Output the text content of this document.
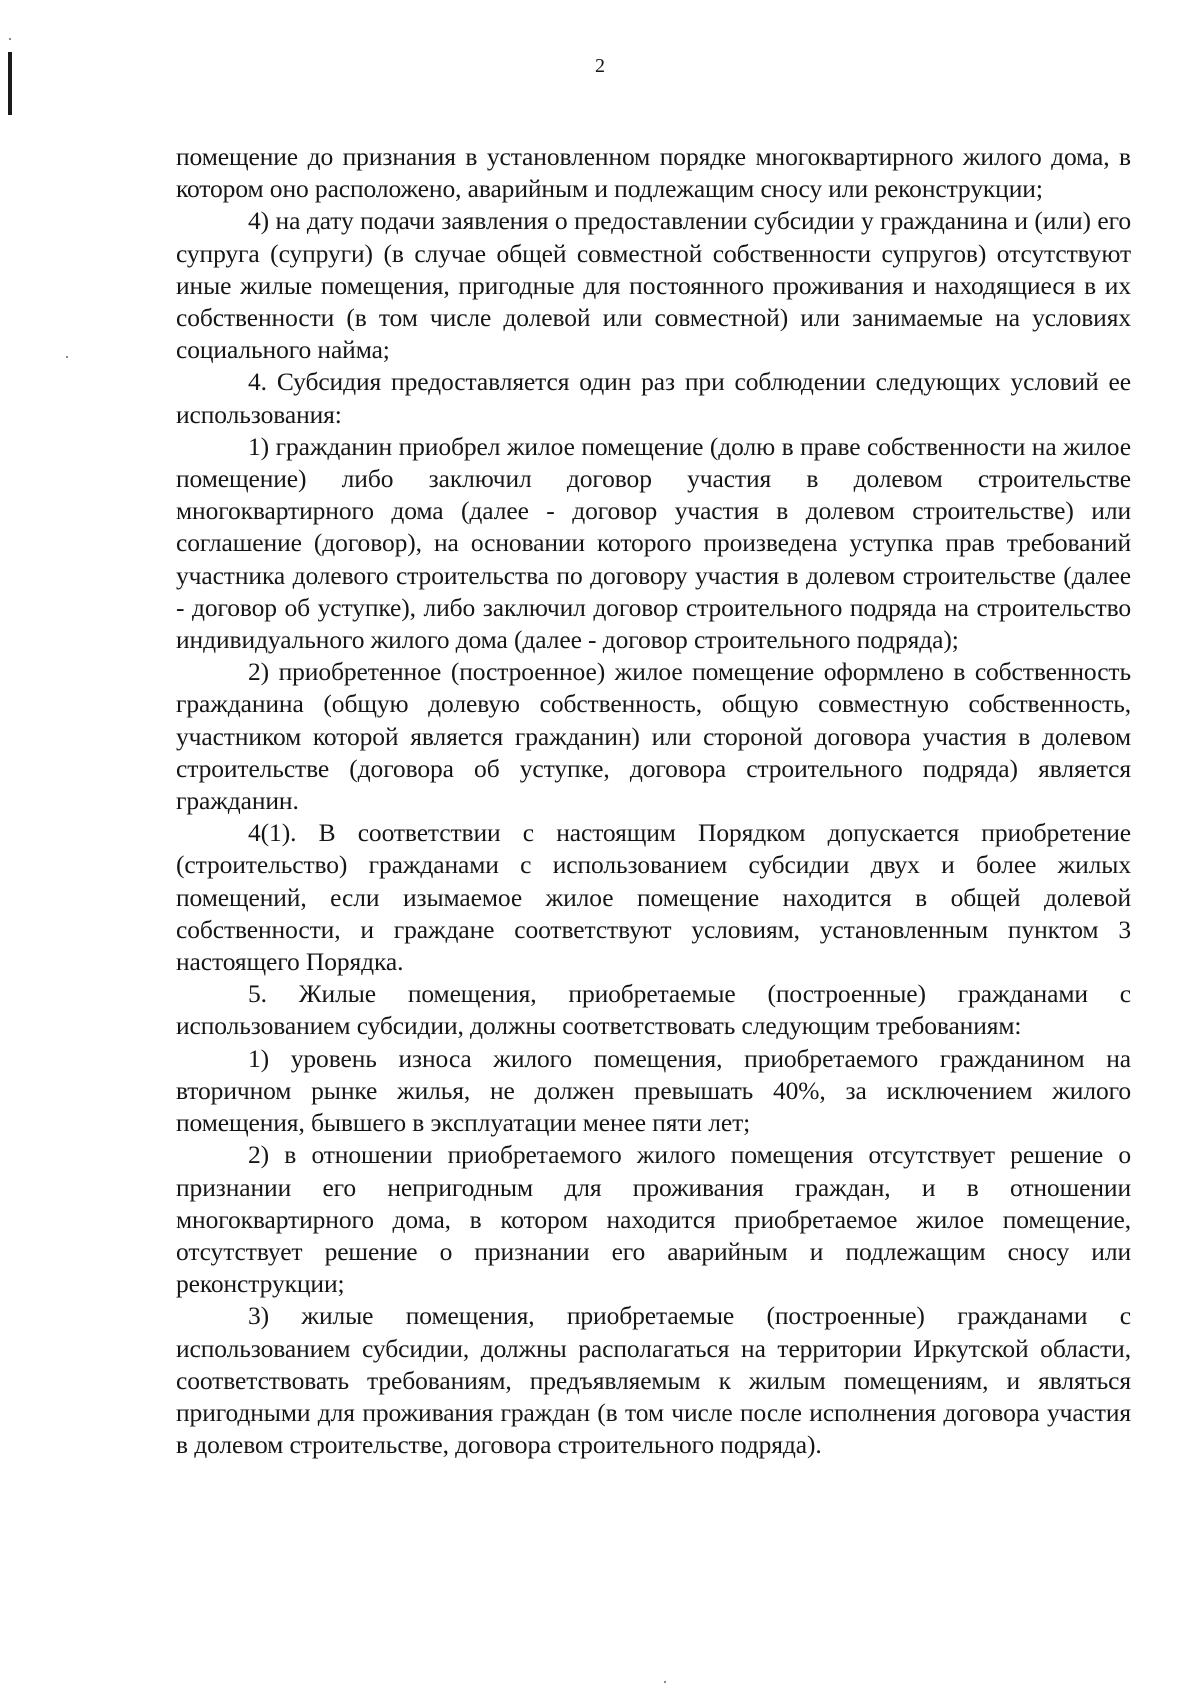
2

помещение до признания в установленном порядке многоквартирного жилого дома, в котором оно расположено, аварийным и подлежащим сносу или реконструкции;

4) на дату подачи заявления о предоставлении субсидии у гражданина и (или) его супруга (супруги) (в случае общей совместной собственности супругов) отсутствуют иные жилые помещения, пригодные для постоянного проживания и находящиеся в их собственности (в том числе долевой или совместной) или занимаемые на условиях социального найма;

4. Субсидия предоставляется один раз при соблюдении следующих условий ее использования:

1) гражданин приобрел жилое помещение (долю в праве собственности на жилое помещение) либо заключил договор участия в долевом строительстве многоквартирного дома (далее - договор участия в долевом строительстве) или соглашение (договор), на основании которого произведена уступка прав требований участника долевого строительства по договору участия в долевом строительстве (далее - договор об уступке), либо заключил договор строительного подряда на строительство индивидуального жилого дома (далее - договор строительного подряда);

2) приобретенное (построенное) жилое помещение оформлено в собственность гражданина (общую долевую собственность, общую совместную собственность, участником которой является гражданин) или стороной договора участия в долевом строительстве (договора об уступке, договора строительного подряда) является гражданин.

4(1). В соответствии с настоящим Порядком допускается приобретение (строительство) гражданами с использованием субсидии двух и более жилых помещений, если изымаемое жилое помещение находится в общей долевой собственности, и граждане соответствуют условиям, установленным пунктом 3 настоящего Порядка.

5. Жилые помещения, приобретаемые (построенные) гражданами с использованием субсидии, должны соответствовать следующим требованиям:

1) уровень износа жилого помещения, приобретаемого гражданином на вторичном рынке жилья, не должен превышать 40%, за исключением жилого помещения, бывшего в эксплуатации менее пяти лет;

2) в отношении приобретаемого жилого помещения отсутствует решение о признании его непригодным для проживания граждан, и в отношении многоквартирного дома, в котором находится приобретаемое жилое помещение, отсутствует решение о признании его аварийным и подлежащим сносу или реконструкции;

3) жилые помещения, приобретаемые (построенные) гражданами с использованием субсидии, должны располагаться на территории Иркутской области, соответствовать требованиям, предъявляемым к жилым помещениям, и являться пригодными для проживания граждан (в том числе после исполнения договора участия в долевом строительстве, договора строительного подряда).
